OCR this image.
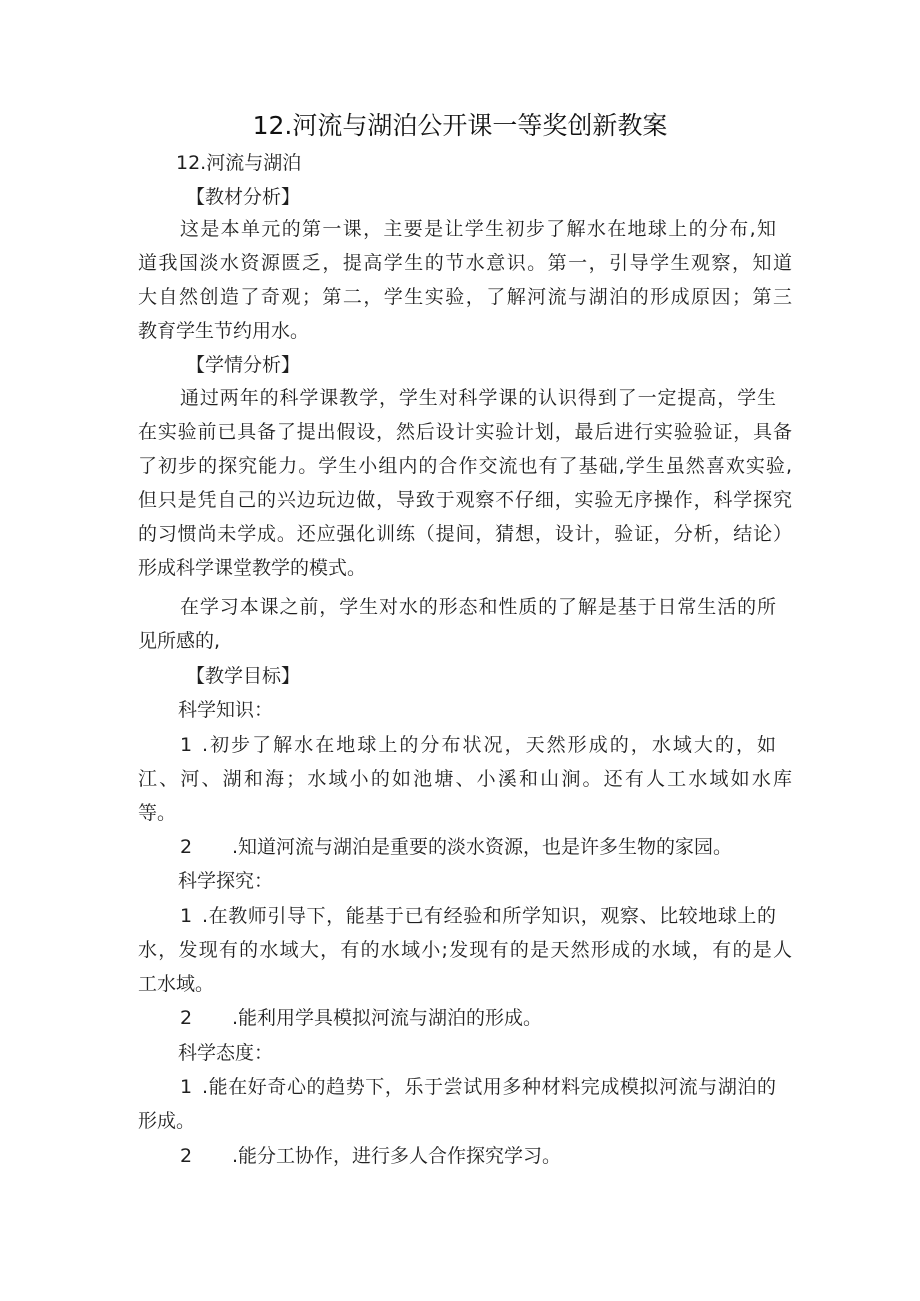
12.河流与湖泊公开课一等奖创新教案
12.河流与湖泊
【教材分析】
这是本单元的第一课，主要是让学生初步了解水在地球上的分布,知
道我国淡水资源匮乏，提高学生的节水意识。第一，引导学生观察，知道
大自然创造了奇观；第二，学生实验，了解河流与湖泊的形成原因；第三
教育学生节约用水。
【学情分析】
通过两年的科学课教学，学生对科学课的认识得到了一定提高，学生
在实验前已具备了提出假设，然后设计实验计划，最后进行实验验证，具备
了初步的探究能力。学生小组内的合作交流也有了基础,学生虽然喜欢实验,
但只是凭自己的兴边玩边做，导致于观察不仔细，实验无序操作，科学探究
的习惯尚未学成。还应强化训练（提间，猜想，设计，验证，分析，结论）
形成科学课堂教学的模式。
在学习本课之前，学生对水的形态和性质的了解是基于日常生活的所
见所感的,
【教学目标】
科学知识：
1 .初步了解水在地球上的分布状况，天然形成的，水域大的，如
江、河、湖和海；水域小的如池塘、小溪和山涧。还有人工水域如水库
等。
2 .知道河流与湖泊是重要的淡水资源，也是许多生物的家园。
科学探究：
1 .在教师引导下，能基于已有经验和所学知识，观察、比较地球上的
水，发现有的水域大，有的水域小;发现有的是天然形成的水域，有的是人
工水域。
2 .能利用学具模拟河流与湖泊的形成。
科学态度：
1 .能在好奇心的趋势下，乐于尝试用多种材料完成模拟河流与湖泊的
形成。
2 .能分工协作，进行多人合作探究学习。
